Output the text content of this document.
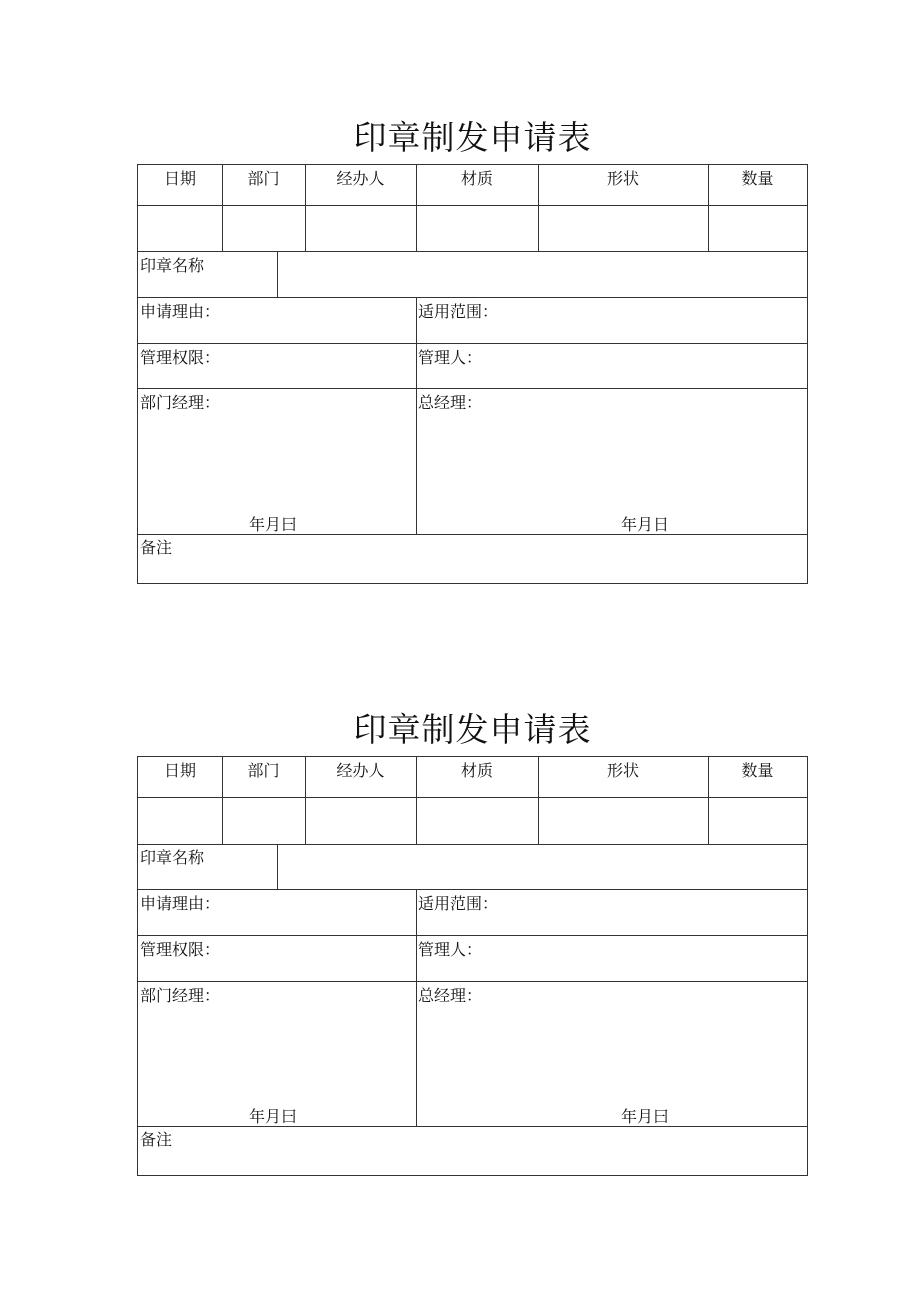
印章制发申请表
日期	部门	经办人	材质	形状	数量
印章名称
申请理由：	适用范围：
管理权限：	管理人：
部门经理：	总经理：
年月曰	年月日
备注
印章制发申请表
日期	部门	经办人	材质	形状	数量
印章名称
申请理由：	适用范围：
管理权限：	管理人：
部门经理：	总经理：
年月曰	年月曰
备注
